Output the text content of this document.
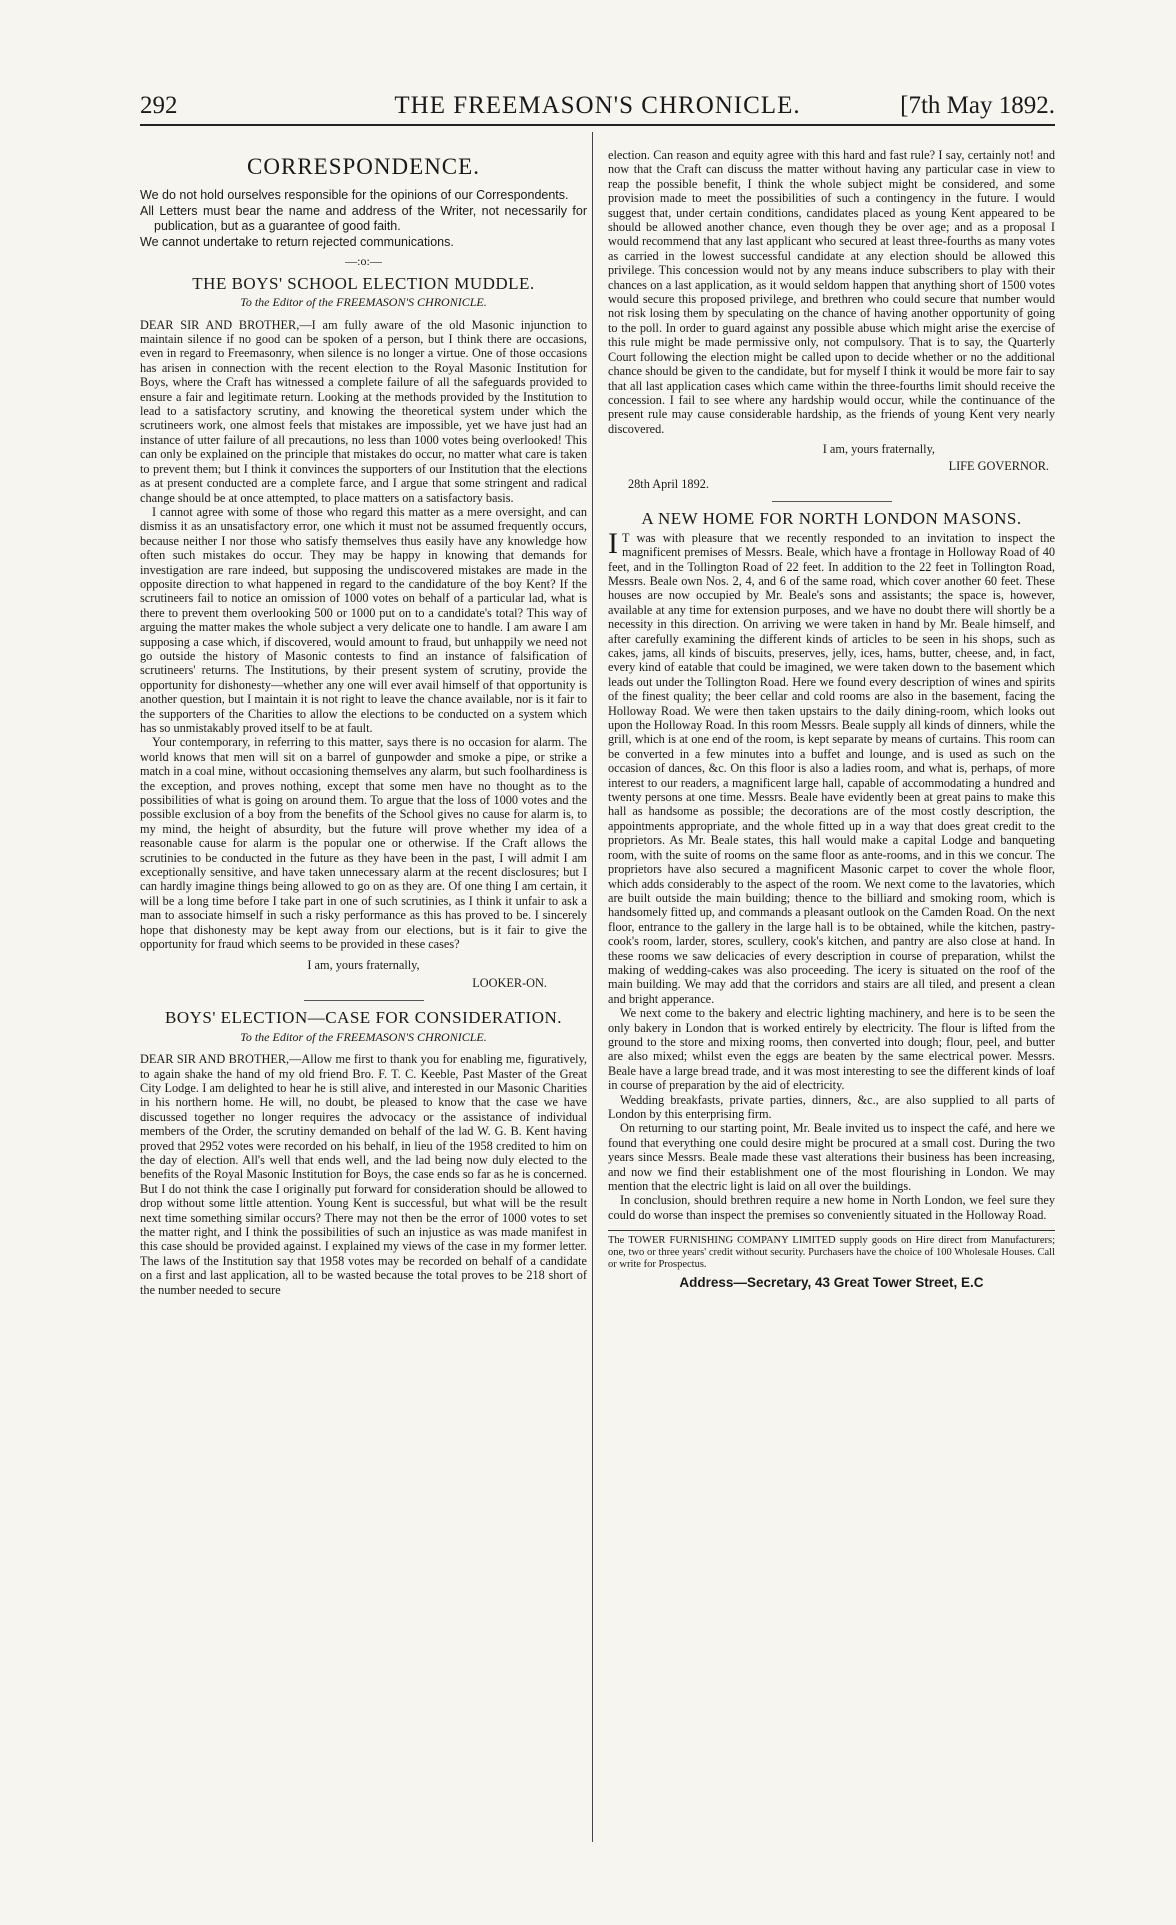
292	THE FREEMASON'S CHRONICLE.	[7th May 1892.
CORRESPONDENCE.
We do not hold ourselves responsible for the opinions of our Correspondents.
All Letters must bear the name and address of the Writer, not necessarily for publication, but as a guarantee of good faith.
We cannot undertake to return rejected communications.
—:o:—
THE BOYS' SCHOOL ELECTION MUDDLE.
To the Editor of the FREEMASON'S CHRONICLE.

DEAR SIR AND BROTHER,—I am fully aware of the old Masonic injunction to maintain silence if no good can be spoken of a person, but I think there are occasions, even in regard to Freemasonry, when silence is no longer a virtue. One of those occasions has arisen in connection with the recent election to the Royal Masonic Institution for Boys, where the Craft has witnessed a complete failure of all the safeguards provided to ensure a fair and legitimate return. Looking at the methods provided by the Institution to lead to a satisfactory scrutiny, and knowing the theoretical system under which the scrutineers work, one almost feels that mistakes are impossible, yet we have just had an instance of utter failure of all precautions, no less than 1000 votes being overlooked! This can only be explained on the principle that mistakes do occur, no matter what care is taken to prevent them; but I think it convinces the supporters of our Institution that the elections as at present conducted are a complete farce, and I argue that some stringent and radical change should be at once attempted, to place matters on a satisfactory basis.

I cannot agree with some of those who regard this matter as a mere oversight, and can dismiss it as an unsatisfactory error, one which it must not be assumed frequently occurs, because neither I nor those who satisfy themselves thus easily have any knowledge how often such mistakes do occur. They may be happy in knowing that demands for investigation are rare indeed, but supposing the undiscovered mistakes are made in the opposite direction to what happened in regard to the candidature of the boy Kent? If the scrutineers fail to notice an omission of 1000 votes on behalf of a particular lad, what is there to prevent them overlooking 500 or 1000 put on to a candidate's total? This way of arguing the matter makes the whole subject a very delicate one to handle. I am aware I am supposing a case which, if discovered, would amount to fraud, but unhappily we need not go outside the history of Masonic contests to find an instance of falsification of scrutineers' returns. The Institutions, by their present system of scrutiny, provide the opportunity for dishonesty—whether any one will ever avail himself of that opportunity is another question, but I maintain it is not right to leave the chance available, nor is it fair to the supporters of the Charities to allow the elections to be conducted on a system which has so unmistakably proved itself to be at fault.

Your contemporary, in referring to this matter, says there is no occasion for alarm. The world knows that men will sit on a barrel of gunpowder and smoke a pipe, or strike a match in a coal mine, without occasioning themselves any alarm, but such foolhardiness is the exception, and proves nothing, except that some men have no thought as to the possibilities of what is going on around them. To argue that the loss of 1000 votes and the possible exclusion of a boy from the benefits of the School gives no cause for alarm is, to my mind, the height of absurdity, but the future will prove whether my idea of a reasonable cause for alarm is the popular one or otherwise. If the Craft allows the scrutinies to be conducted in the future as they have been in the past, I will admit I am exceptionally sensitive, and have taken unnecessary alarm at the recent disclosures; but I can hardly imagine things being allowed to go on as they are. Of one thing I am certain, it will be a long time before I take part in one of such scrutinies, as I think it unfair to ask a man to associate himself in such a risky performance as this has proved to be. I sincerely hope that dishonesty may be kept away from our elections, but is it fair to give the opportunity for fraud which seems to be provided in these cases?

I am, yours fraternally,
LOOKER-ON.
BOYS' ELECTION—CASE FOR CONSIDERATION.
To the Editor of the FREEMASON'S CHRONICLE.

DEAR SIR AND BROTHER,—Allow me first to thank you for enabling me, figuratively, to again shake the hand of my old friend Bro. F. T. C. Keeble, Past Master of the Great City Lodge. I am delighted to hear he is still alive, and interested in our Masonic Charities in his northern home. He will, no doubt, be pleased to know that the case we have discussed together no longer requires the advocacy or the assistance of individual members of the Order, the scrutiny demanded on behalf of the lad W. G. B. Kent having proved that 2952 votes were recorded on his behalf, in lieu of the 1958 credited to him on the day of election. All's well that ends well, and the lad being now duly elected to the benefits of the Royal Masonic Institution for Boys, the case ends so far as he is concerned. But I do not think the case I originally put forward for consideration should be allowed to drop without some little attention. Young Kent is successful, but what will be the result next time something similar occurs? There may not then be the error of 1000 votes to set the matter right, and I think the possibilities of such an injustice as was made manifest in this case should be provided against. I explained my views of the case in my former letter. The laws of the Institution say that 1958 votes may be recorded on behalf of a candidate on a first and last application, all to be wasted because the total proves to be 218 short of the number needed to secure

election. Can reason and equity agree with this hard and fast rule? I say, certainly not! and now that the Craft can discuss the matter without having any particular case in view to reap the possible benefit, I think the whole subject might be considered, and some provision made to meet the possibilities of such a contingency in the future. I would suggest that, under certain conditions, candidates placed as young Kent appeared to be should be allowed another chance, even though they be over age; and as a proposal I would recommend that any last applicant who secured at least three-fourths as many votes as carried in the lowest successful candidate at any election should be allowed this privilege. This concession would not by any means induce subscribers to play with their chances on a last application, as it would seldom happen that anything short of 1500 votes would secure this proposed privilege, and brethren who could secure that number would not risk losing them by speculating on the chance of having another opportunity of going to the poll. In order to guard against any possible abuse which might arise the exercise of this rule might be made permissive only, not compulsory. That is to say, the Quarterly Court following the election might be called upon to decide whether or no the additional chance should be given to the candidate, but for myself I think it would be more fair to say that all last application cases which came within the three-fourths limit should receive the concession. I fail to see where any hardship would occur, while the continuance of the present rule may cause considerable hardship, as the friends of young Kent very nearly discovered.

I am, yours fraternally,
LIFE GOVERNOR.
28th April 1892.
A NEW HOME FOR NORTH LONDON MASONS.

I T was with pleasure that we recently responded to an invitation to inspect the magnificent premises of Messrs. Beale, which have a frontage in Holloway Road of 40 feet, and in the Tollington Road of 22 feet. In addition to the 22 feet in Tollington Road, Messrs. Beale own Nos. 2, 4, and 6 of the same road, which cover another 60 feet. These houses are now occupied by Mr. Beale's sons and assistants; the space is, however, available at any time for extension purposes, and we have no doubt there will shortly be a necessity in this direction. On arriving we were taken in hand by Mr. Beale himself, and after carefully examining the different kinds of articles to be seen in his shops, such as cakes, jams, all kinds of biscuits, preserves, jelly, ices, hams, butter, cheese, and, in fact, every kind of eatable that could be imagined, we were taken down to the basement which leads out under the Tollington Road. Here we found every description of wines and spirits of the finest quality; the beer cellar and cold rooms are also in the basement, facing the Holloway Road. We were then taken upstairs to the daily dining-room, which looks out upon the Holloway Road. In this room Messrs. Beale supply all kinds of dinners, while the grill, which is at one end of the room, is kept separate by means of curtains. This room can be converted in a few minutes into a buffet and lounge, and is used as such on the occasion of dances, &c. On this floor is also a ladies room, and what is, perhaps, of more interest to our readers, a magnificent large hall, capable of accommodating a hundred and twenty persons at one time. Messrs. Beale have evidently been at great pains to make this hall as handsome as possible; the decorations are of the most costly description, the appointments appropriate, and the whole fitted up in a way that does great credit to the proprietors. As Mr. Beale states, this hall would make a capital Lodge and banqueting room, with the suite of rooms on the same floor as ante-rooms, and in this we concur. The proprietors have also secured a magnificent Masonic carpet to cover the whole floor, which adds considerably to the aspect of the room. We next come to the lavatories, which are built outside the main building; thence to the billiard and smoking room, which is handsomely fitted up, and commands a pleasant outlook on the Camden Road. On the next floor, entrance to the gallery in the large hall is to be obtained, while the kitchen, pastry-cook's room, larder, stores, scullery, cook's kitchen, and pantry are also close at hand. In these rooms we saw delicacies of every description in course of preparation, whilst the making of wedding-cakes was also proceeding. The icery is situated on the roof of the main building. We may add that the corridors and stairs are all tiled, and present a clean and bright apperance.

We next come to the bakery and electric lighting machinery, and here is to be seen the only bakery in London that is worked entirely by electricity. The flour is lifted from the ground to the store and mixing rooms, then converted into dough; flour, peel, and butter are also mixed; whilst even the eggs are beaten by the same electrical power. Messrs. Beale have a large bread trade, and it was most interesting to see the different kinds of loaf in course of preparation by the aid of electricity.

Wedding breakfasts, private parties, dinners, &c., are also supplied to all parts of London by this enterprising firm.

On returning to our starting point, Mr. Beale invited us to inspect the café, and here we found that everything one could desire might be procured at a small cost. During the two years since Messrs. Beale made these vast alterations their business has been increasing, and now we find their establishment one of the most flourishing in London. We may mention that the electric light is laid on all over the buildings.

In conclusion, should brethren require a new home in North London, we feel sure they could do worse than inspect the premises so conveniently situated in the Holloway Road.

The TOWER FURNISHING COMPANY LIMITED supply goods on Hire direct from Manufacturers; one, two or three years' credit without security. Purchasers have the choice of 100 Wholesale Houses. Call or write for Prospectus.
Address—Secretary, 43 Great Tower Street, E.C
